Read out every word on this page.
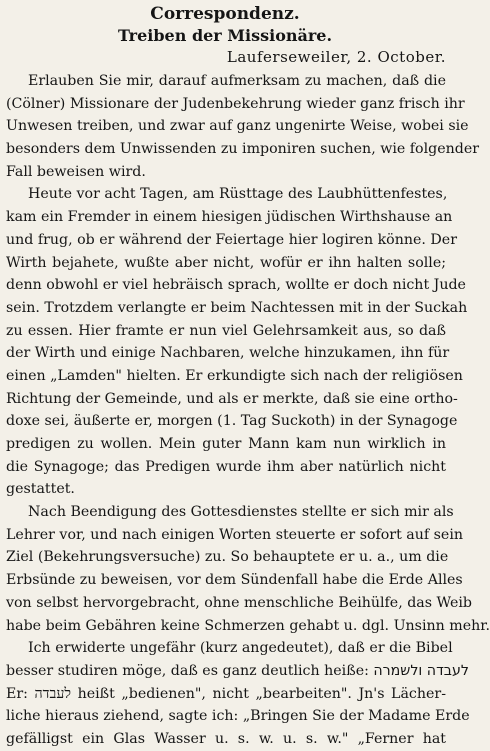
Correspondenz.
Treiben der Missionäre.
Lauferseweiler, 2. October.
Erlauben Sie mir, darauf aufmerksam zu machen, daß die
(Cölner) Missionare der Judenbekehrung wieder ganz frisch ihr
Unwesen treiben, und zwar auf ganz ungenirte Weise, wobei sie
besonders dem Unwissenden zu imponiren suchen, wie folgender
Fall beweisen wird.
Heute vor acht Tagen, am Rüsttage des Laubhüttenfestes,
kam ein Fremder in einem hiesigen jüdischen Wirthshause an
und frug, ob er während der Feiertage hier logiren könne. Der
Wirth bejahete, wußte aber nicht, wofür er ihn halten solle;
denn obwohl er viel hebräisch sprach, wollte er doch nicht Jude
sein. Trotzdem verlangte er beim Nachtessen mit in der Suckah
zu essen. Hier framte er nun viel Gelehrsamkeit aus, so daß
der Wirth und einige Nachbaren, welche hinzukamen, ihn für
einen „Lamden" hielten. Er erkundigte sich nach der religiösen
Richtung der Gemeinde, und als er merkte, daß sie eine ortho-
doxe sei, äußerte er, morgen (1. Tag Suckoth) in der Synagoge
predigen zu wollen. Mein guter Mann kam nun wirklich in
die Synagoge; das Predigen wurde ihm aber natürlich nicht
gestattet.
Nach Beendigung des Gottesdienstes stellte er sich mir als
Lehrer vor, und nach einigen Worten steuerte er sofort auf sein
Ziel (Bekehrungsversuche) zu. So behauptete er u. a., um die
Erbsünde zu beweisen, vor dem Sündenfall habe die Erde Alles
von selbst hervorgebracht, ohne menschliche Beihülfe, das Weib
habe beim Gebähren keine Schmerzen gehabt u. dgl. Unsinn mehr.
Ich erwiderte ungefähr (kurz angedeutet), daß er die Bibel
besser studiren möge, daß es ganz deutlich heiße: לעבדה ולשמרה
Er: לעבדה heißt „bedienen", nicht „bearbeiten". Jn's Lächer-
liche hieraus ziehend, sagte ich: „Bringen Sie der Madame Erde
gefälligst ein Glas Wasser u. s. w. u. s. w." „Ferner hat
